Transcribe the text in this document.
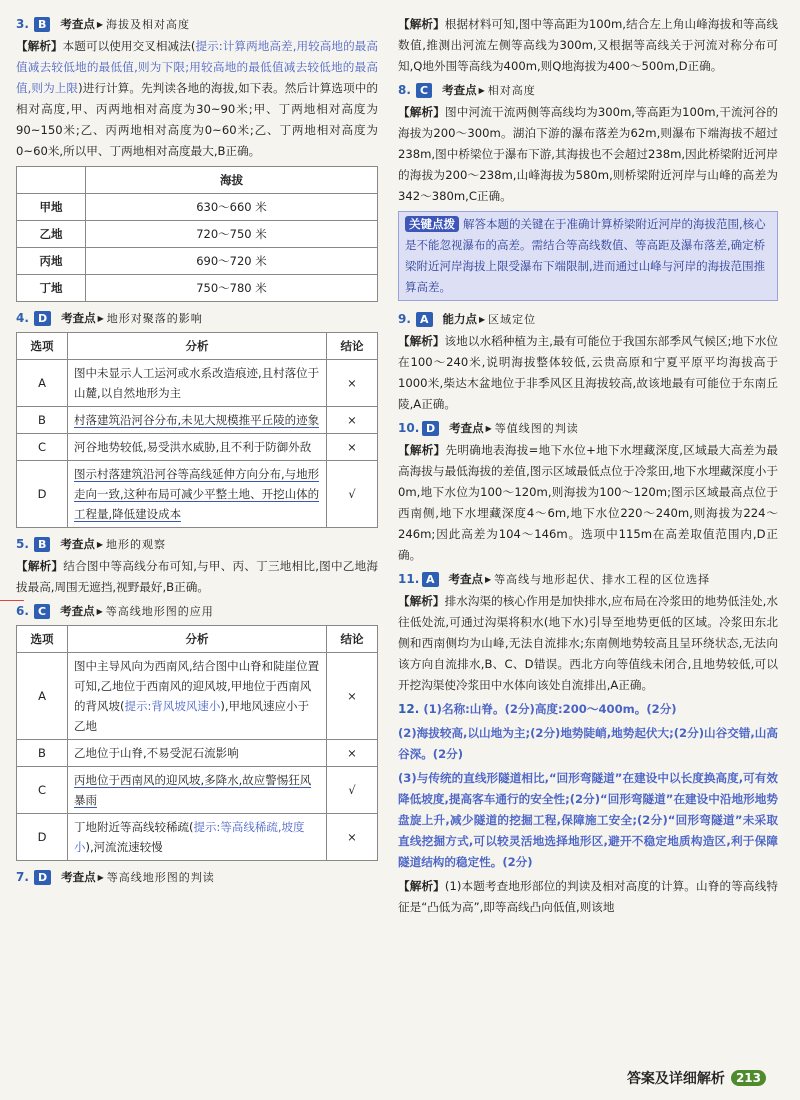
3. B	考查点 ▶ 海拔及相对高度

【解析】本题可以使用交叉相减法(提示:计算两地高差,用较高地的最高值减去较低地的最低值,则为下限;用较高地的最低值减去较低地的最高值,则为上限)进行计算。先判读各地的海拔,如下表。然后计算选项中的相对高度,甲、丙两地相对高度为30~90米;甲、丁两地相对高度为90~150米;乙、丙两地相对高度为0~60米;乙、丁两地相对高度为0~60米,所以甲、丁两地相对高度最大,B正确。

	海拔
甲地	630～660 米
乙地	720～750 米
丙地	690～720 米
丁地	750～780 米
4. D	考查点 ▶ 地形对聚落的影响
选项	分析	结论
A	图中未显示人工运河或水系改造痕迹,且村落位于山麓,以自然地形为主	×
B	村落建筑沿河谷分布,未见大规模推平丘陵的迹象	×
C	河谷地势较低,易受洪水威胁,且不利于防御外敌	×
D	图示村落建筑沿河谷等高线延伸方向分布,与地形走向一致,这种布局可减少平整土地、开挖山体的工程量,降低建设成本	√
5. B	考查点 ▶ 地形的观察

【解析】结合图中等高线分布可知,与甲、丙、丁三地相比,图中乙地海拔最高,周围无遮挡,视野最好,B正确。

6. C	考查点 ▶ 等高线地形图的应用
选项	分析	结论
A	图中主导风向为西南风,结合图中山脊和陡崖位置可知,乙地位于西南风的迎风坡,甲地位于西南风的背风坡(提示:背风坡风速小),甲地风速应小于乙地	×
B	乙地位于山脊,不易受泥石流影响	×
C	丙地位于西南风的迎风坡,多降水,故应警惕狂风暴雨	√
D	丁地附近等高线较稀疏(提示:等高线稀疏,坡度小),河流流速较慢	×
7. D	考查点 ▶ 等高线地形图的判读

【解析】根据材料可知,图中等高距为100m,结合左上角山峰海拔和等高线数值,推测出河流左侧等高线为300m,又根据等高线关于河流对称分布可知,Q地外围等高线为400m,则Q地海拔为400～500m,D正确。

8. C	考查点 ▶ 相对高度

【解析】图中河流干流两侧等高线均为300m,等高距为100m,干流河谷的海拔为200～300m。湖泊下游的瀑布落差为62m,则瀑布下端海拔不超过238m,图中桥梁位于瀑布下游,其海拔也不会超过238m,因此桥梁附近河岸的海拔为200～238m,山峰海拔为580m,则桥梁附近河岸与山峰的高差为342～380m,C正确。

关键点拨 解答本题的关键在于准确计算桥梁附近河岸的海拔范围,核心是不能忽视瀑布的高差。需结合等高线数值、等高距及瀑布落差,确定桥梁附近河岸海拔上限受瀑布下端限制,进而通过山峰与河岸的海拔范围推算高差。
9. A	能力点 ▶ 区域定位

【解析】该地以水稻种植为主,最有可能位于我国东部季风气候区;地下水位在100～240米,说明海拔整体较低,云贵高原和宁夏平原平均海拔高于1000米,柴达木盆地位于非季风区且海拔较高,故该地最有可能位于东南丘陵,A正确。

10. D	考查点 ▶ 等值线图的判读

【解析】先明确地表海拔=地下水位+地下水埋藏深度,区域最大高差为最高海拔与最低海拔的差值,图示区域最低点位于冷浆田,地下水埋藏深度小于0m,地下水位为100～120m,则海拔为100～120m;图示区域最高点位于西南侧,地下水埋藏深度4～6m,地下水位220～240m,则海拔为224～246m;因此高差为104～146m。选项中115m在高差取值范围内,D正确。

11. A	考查点 ▶ 等高线与地形起伏、排水工程的区位选择

【解析】排水沟渠的核心作用是加快排水,应布局在冷浆田的地势低洼处,水往低处流,可通过沟渠将积水(地下水)引导至地势更低的区域。冷浆田东北侧和西南侧均为山峰,无法自流排水;东南侧地势较高且呈环绕状态,无法向该方向自流排水,B、C、D错误。西北方向等值线未闭合,且地势较低,可以开挖沟渠使冷浆田中水体向该处自流排出,A正确。

12. (1)名称:山脊。(2分)高度:200～400m。(2分)

(2)海拔较高,以山地为主;(2分)地势陡峭,地势起伏大;(2分)山谷交错,山高谷深。(2分)

(3)与传统的直线形隧道相比,“回形弯隧道”在建设中以长度换高度,可有效降低坡度,提高客车通行的安全性;(2分)“回形弯隧道”在建设中沿地形地势盘旋上升,减少隧道的挖掘工程,保障施工安全;(2分)“回形弯隧道”未采取直线挖掘方式,可以较灵活地选择地形区,避开不稳定地质构造区,利于保障隧道结构的稳定性。(2分)

【解析】(1)本题考查地形部位的判读及相对高度的计算。山脊的等高线特征是“凸低为高”,即等高线凸向低值,则该地

答案及详细解析 213
